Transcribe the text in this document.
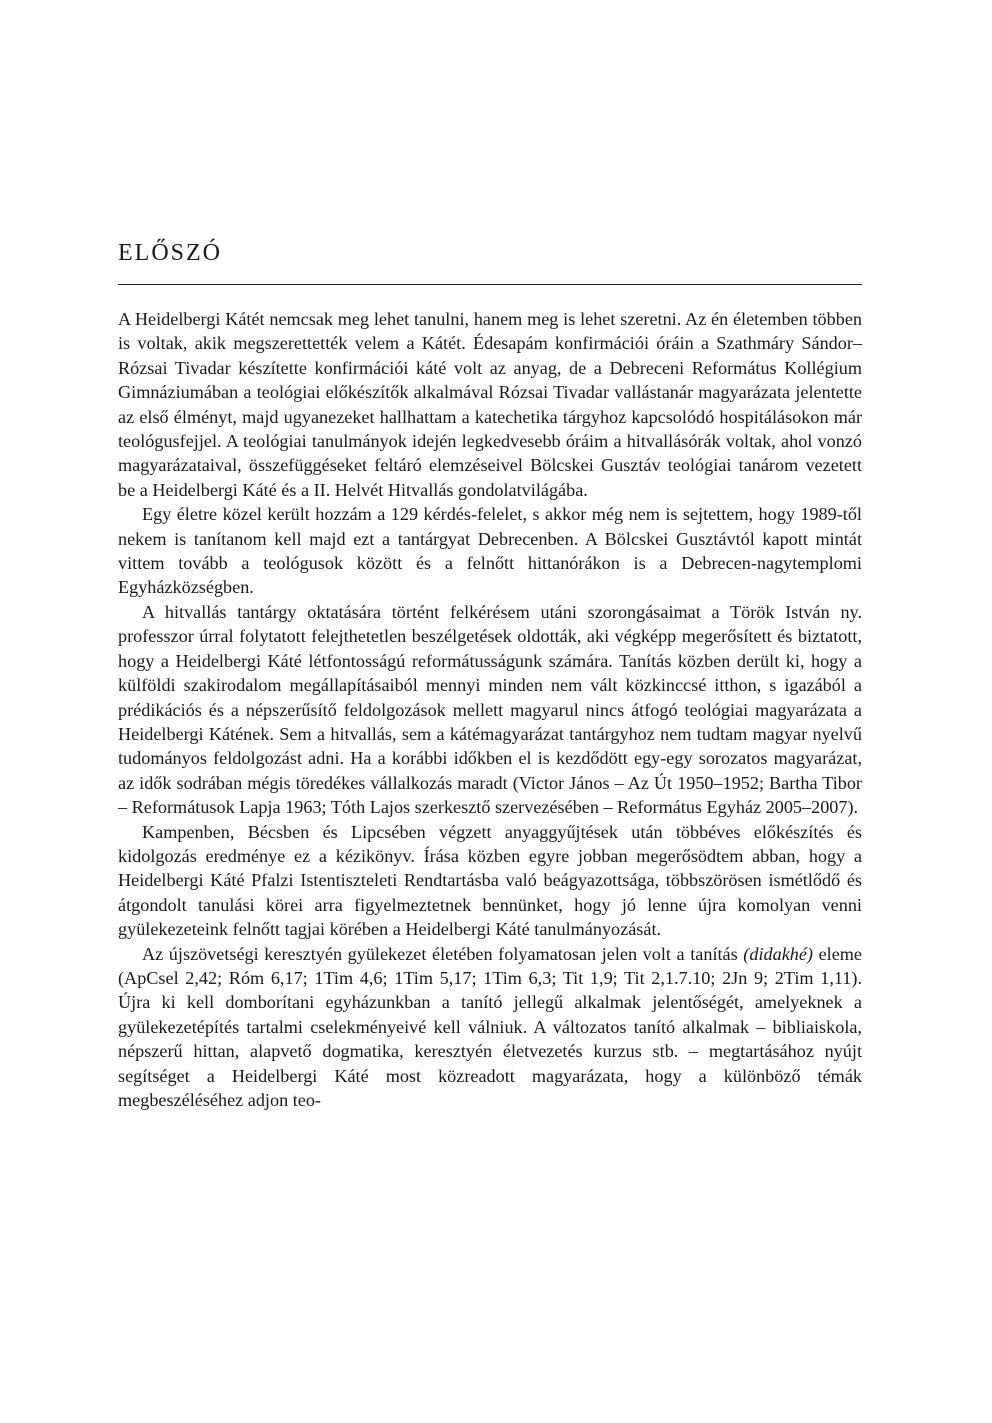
ELŐSZÓ

A Heidelbergi Kátét nemcsak meg lehet tanulni, hanem meg is lehet szeretni. Az én életemben többen is voltak, akik megszerettették velem a Kátét. Édesapám konfirmációi óráin a Szathmáry Sándor–Rózsai Tivadar készítette konfirmációi káté volt az anyag, de a Debreceni Református Kollégium Gimnáziumában a teológiai előkészítők alkalmával Rózsai Tivadar vallástanár magyarázata jelentette az első élményt, majd ugyanezeket hallhattam a katechetika tárgyhoz kapcsolódó hospitálásokon már teológusfejjel. A teológiai tanulmányok idején legkedvesebb óráim a hitvallásórák voltak, ahol vonzó magyarázataival, összefüggéseket feltáró elemzéseivel Bölcskei Gusztáv teológiai tanárom vezetett be a Heidelbergi Káté és a II. Helvét Hitvallás gondolatvilágába.

Egy életre közel került hozzám a 129 kérdés-felelet, s akkor még nem is sejtettem, hogy 1989-től nekem is tanítanom kell majd ezt a tantárgyat Debrecenben. A Bölcskei Gusztávtól kapott mintát vittem tovább a teológusok között és a felnőtt hittanórákon is a Debrecen-nagytemplomi Egyházközségben.

A hitvallás tantárgy oktatására történt felkérésem utáni szorongásaimat a Török István ny. professzor úrral folytatott felejthetetlen beszélgetések oldották, aki végképp megerősített és biztatott, hogy a Heidelbergi Káté létfontosságú reformátusságunk számára. Tanítás közben derült ki, hogy a külföldi szakirodalom megállapításaiból mennyi minden nem vált közkinccsé itthon, s igazából a prédikációs és a népszerűsítő feldolgozások mellett magyarul nincs átfogó teológiai magyarázata a Heidelbergi Kátének. Sem a hitvallás, sem a kátémagyarázat tantárgyhoz nem tudtam magyar nyelvű tudományos feldolgozást adni. Ha a korábbi időkben el is kezdődött egy-egy sorozatos magyarázat, az idők sodrában mégis töredékes vállalkozás maradt (Victor János – Az Út 1950–1952; Bartha Tibor – Reformátusok Lapja 1963; Tóth Lajos szerkesztő szervezésében – Református Egyház 2005–2007).

Kampenben, Bécsben és Lipcsében végzett anyaggyűjtések után többéves előkészítés és kidolgozás eredménye ez a kézikönyv. Írása közben egyre jobban megerősödtem abban, hogy a Heidelbergi Káté Pfalzi Istentiszteleti Rendtartásba való beágyazottsága, többszörösen ismétlődő és átgondolt tanulási körei arra figyelmeztetnek bennünket, hogy jó lenne újra komolyan venni gyülekezeteink felnőtt tagjai körében a Heidelbergi Káté tanulmányozását.

Az újszövetségi keresztyén gyülekezet életében folyamatosan jelen volt a tanítás (didakhé) eleme (ApCsel 2,42; Róm 6,17; 1Tim 4,6; 1Tim 5,17; 1Tim 6,3; Tit 1,9; Tit 2,1.7.10; 2Jn 9; 2Tim 1,11). Újra ki kell domborítani egyházunkban a tanító jellegű alkalmak jelentőségét, amelyeknek a gyülekezetépítés tartalmi cselekményeivé kell válniuk. A változatos tanító alkalmak – bibliaiskola, népszerű hittan, alapvető dogmatika, keresztyén életvezetés kurzus stb. – megtartásához nyújt segítséget a Heidelbergi Káté most közreadott magyarázata, hogy a különböző témák megbeszéléséhez adjon teo-
